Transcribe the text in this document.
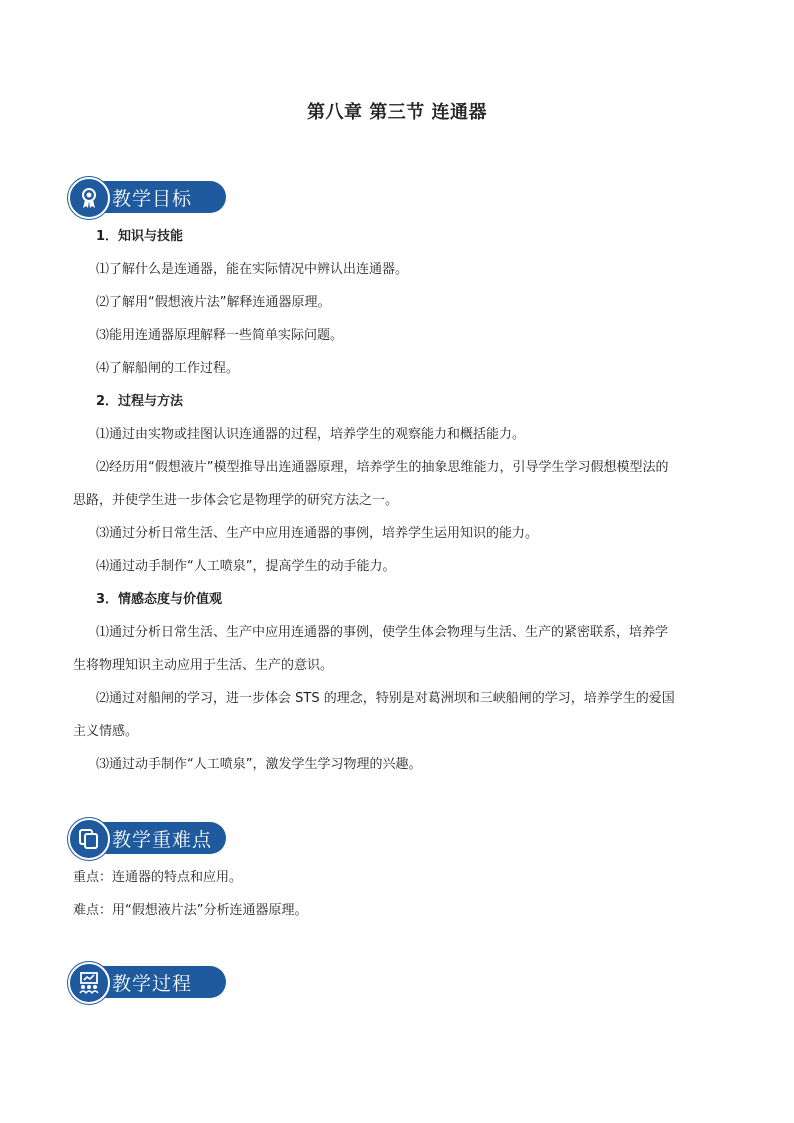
第八章 第三节 连通器
教学目标
1．知识与技能
⑴了解什么是连通器，能在实际情况中辨认出连通器。
⑵了解用“假想液片法”解释连通器原理。
⑶能用连通器原理解释一些简单实际问题。
⑷了解船闸的工作过程。
2．过程与方法
⑴通过由实物或挂图认识连通器的过程，培养学生的观察能力和概括能力。
⑵经历用“假想液片”模型推导出连通器原理，培养学生的抽象思维能力，引导学生学习假想模型法的
思路，并使学生进一步体会它是物理学的研究方法之一。
⑶通过分析日常生活、生产中应用连通器的事例，培养学生运用知识的能力。
⑷通过动手制作“人工喷泉”，提高学生的动手能力。
3．情感态度与价值观
⑴通过分析日常生活、生产中应用连通器的事例，使学生体会物理与生活、生产的紧密联系，培养学
生将物理知识主动应用于生活、生产的意识。
⑵通过对船闸的学习，进一步体会 STS 的理念，特别是对葛洲坝和三峡船闸的学习，培养学生的爱国
主义情感。
⑶通过动手制作“人工喷泉”，激发学生学习物理的兴趣。
教学重难点
重点：连通器的特点和应用。
难点：用“假想液片法”分析连通器原理。
教学过程
